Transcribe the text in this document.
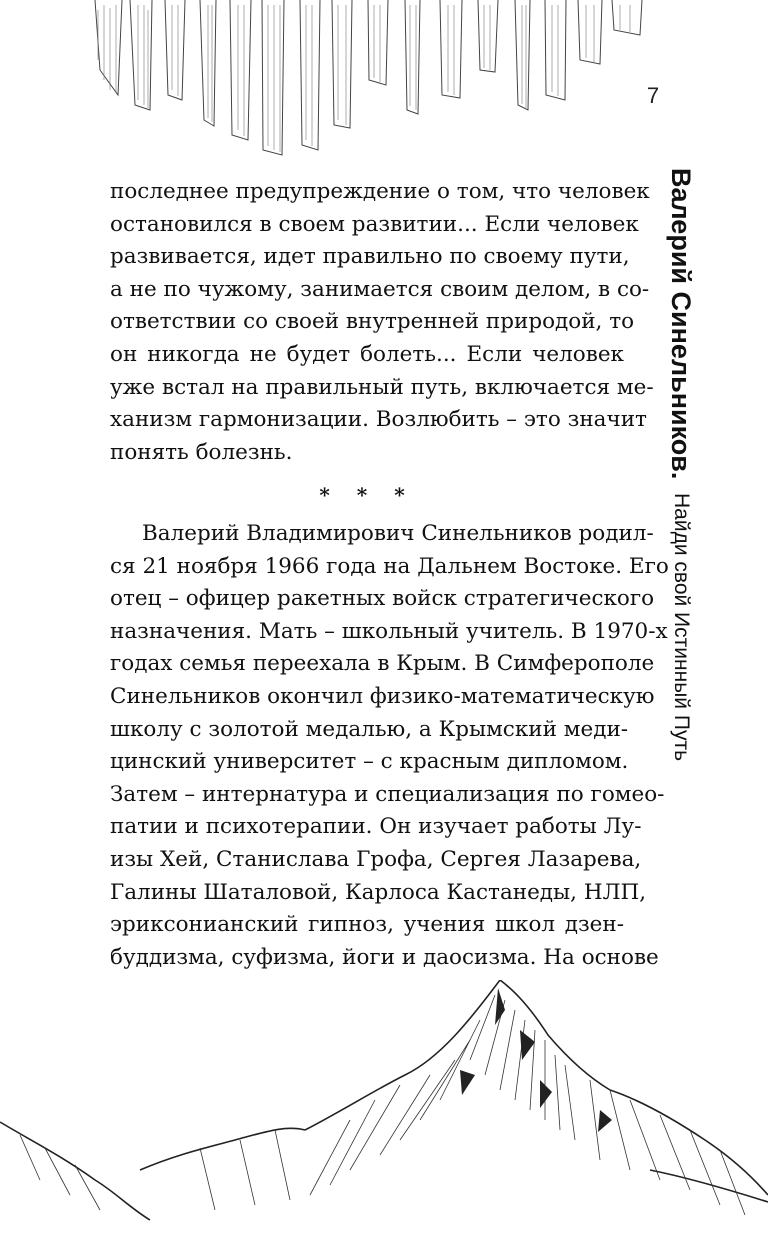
7
Валерий Синельников. Найди свой Истинный Путь
последнее предупреждение о том, что человек
остановился в своем развитии... Если человек
развивается, идет правильно по своему пути,
а не по чужому, занимается своим делом, в со-
ответствии со своей внутренней природой, то
он никогда не будет болеть... Если человек
уже встал на правильный путь, включается ме-
ханизм гармонизации. Возлюбить – это значит
понять болезнь.
* * *
Валерий Владимирович Синельников родил-
ся 21 ноября 1966 года на Дальнем Востоке. Его
отец – офицер ракетных войск стратегического
назначения. Мать – школьный учитель. В 1970-х
годах семья переехала в Крым. В Симферополе
Синельников окончил физико-математическую
школу с золотой медалью, а Крымский меди-
цинский университет – с красным дипломом.
Затем – интернатура и специализация по гомео-
патии и психотерапии. Он изучает работы Лу-
изы Хей, Станислава Грофа, Сергея Лазарева,
Галины Шаталовой, Карлоса Кастанеды, НЛП,
эриксонианский гипноз, учения школ дзен-
буддизма, суфизма, йоги и даосизма. На основе
